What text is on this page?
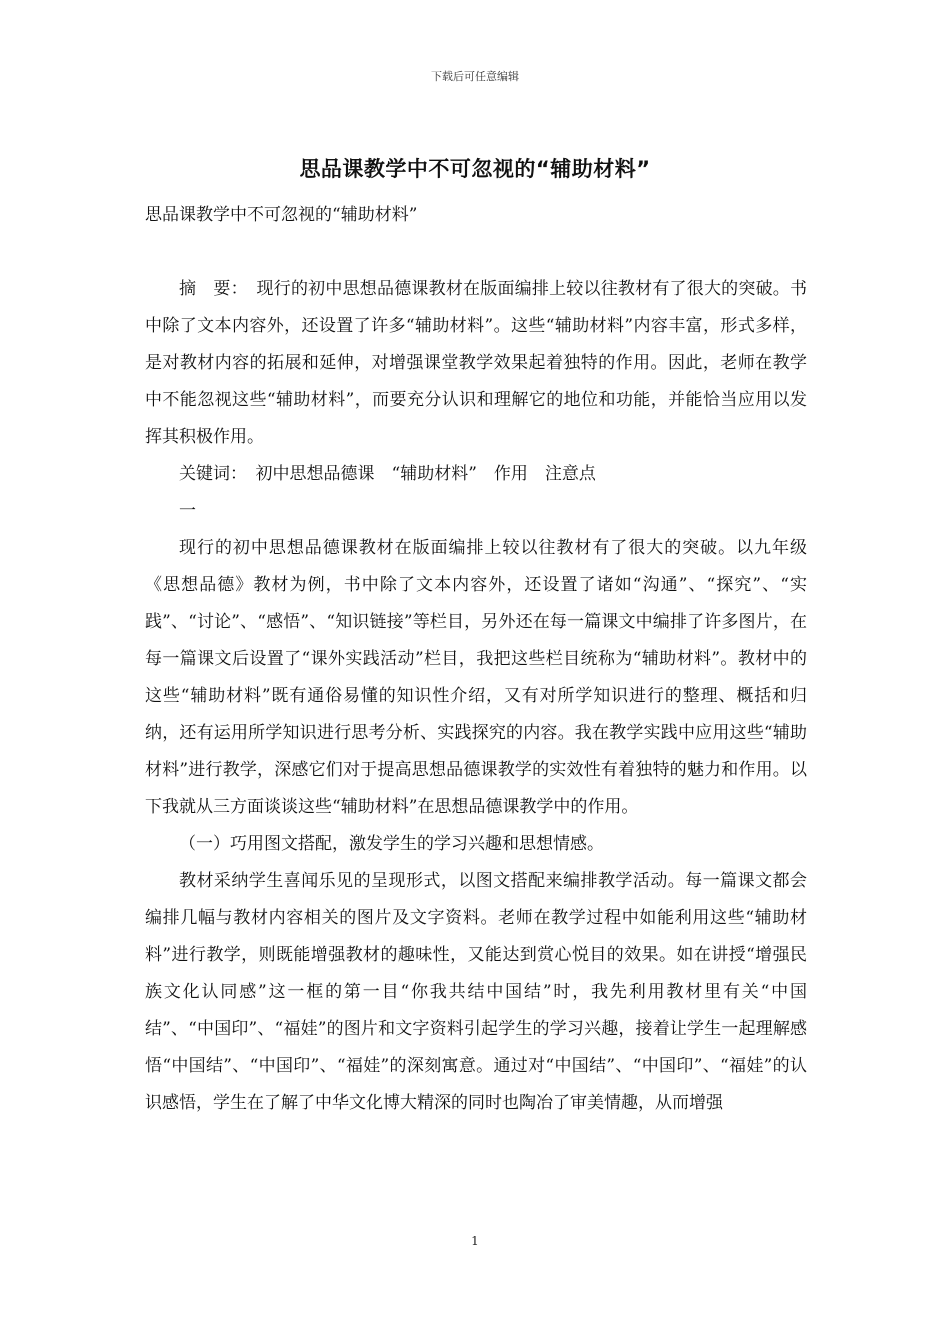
下载后可任意编辑
思品课教学中不可忽视的“辅助材料”

思品课教学中不可忽视的“辅助材料”

摘　要：　现行的初中思想品德课教材在版面编排上较以往教材有了很大的突破。书中除了文本内容外，还设置了许多“辅助材料”。这些“辅助材料”内容丰富，形式多样，是对教材内容的拓展和延伸，对增强课堂教学效果起着独特的作用。因此，老师在教学中不能忽视这些“辅助材料”，而要充分认识和理解它的地位和功能，并能恰当应用以发挥其积极作用。

关键词：　初中思想品德课　“辅助材料”　作用　注意点

一

现行的初中思想品德课教材在版面编排上较以往教材有了很大的突破。以九年级《思想品德》教材为例，书中除了文本内容外，还设置了诸如“沟通”、“探究”、“实践”、“讨论”、“感悟”、“知识链接”等栏目，另外还在每一篇课文中编排了许多图片，在每一篇课文后设置了“课外实践活动”栏目，我把这些栏目统称为“辅助材料”。教材中的这些“辅助材料”既有通俗易懂的知识性介绍，又有对所学知识进行的整理、概括和归纳，还有运用所学知识进行思考分析、实践探究的内容。我在教学实践中应用这些“辅助材料”进行教学，深感它们对于提高思想品德课教学的实效性有着独特的魅力和作用。以下我就从三方面谈谈这些“辅助材料”在思想品德课教学中的作用。

（一）巧用图文搭配，激发学生的学习兴趣和思想情感。

教材采纳学生喜闻乐见的呈现形式，以图文搭配来编排教学活动。每一篇课文都会编排几幅与教材内容相关的图片及文字资料。老师在教学过程中如能利用这些“辅助材料”进行教学，则既能增强教材的趣味性，又能达到赏心悦目的效果。如在讲授“增强民族文化认同感”这一框的第一目“你我共结中国结”时，我先利用教材里有关“中国结”、“中国印”、“福娃”的图片和文字资料引起学生的学习兴趣，接着让学生一起理解感悟“中国结”、“中国印”、“福娃”的深刻寓意。通过对“中国结”、“中国印”、“福娃”的认识感悟，学生在了解了中华文化博大精深的同时也陶冶了审美情趣，从而增强

1
